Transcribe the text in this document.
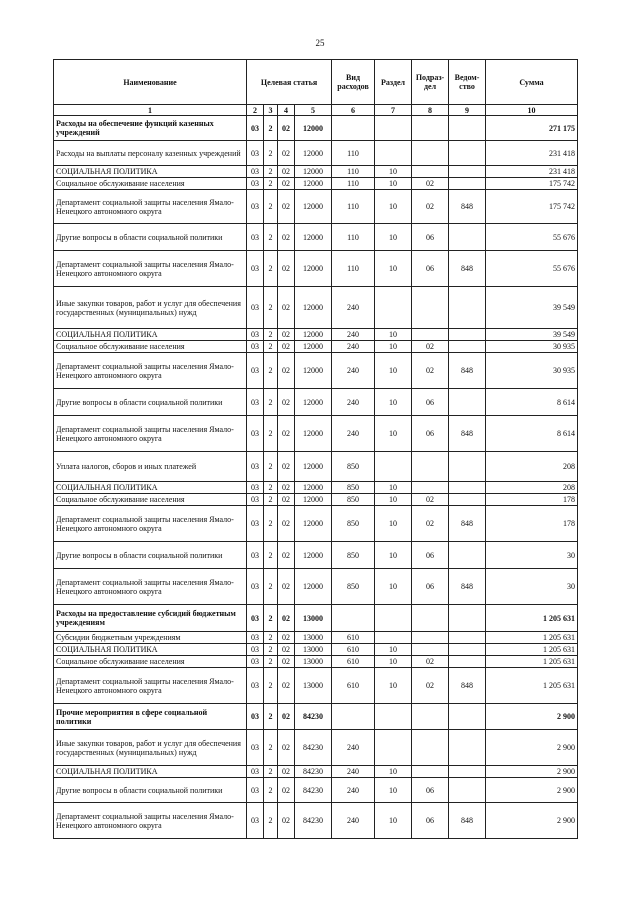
25
Наименование	Целевая статья				Вид расходов	Раздел	Подраз-дел	Ведом-ство	Сумма
1	2	3	4	5	6	7	8	9	10
Расходы на обеспечение функций казенных учреждений	03	2	02	12000					271 175
Расходы на выплаты персоналу казенных учреждений	03	2	02	12000	110				231 418
СОЦИАЛЬНАЯ ПОЛИТИКА	03	2	02	12000	110	10			231 418
Социальное обслуживание населения	03	2	02	12000	110	10	02		175 742
Департамент социальной защиты населения Ямало-Ненецкого автономного округа	03	2	02	12000	110	10	02	848	175 742
Другие вопросы в области социальной политики	03	2	02	12000	110	10	06		55 676
Департамент социальной защиты населения Ямало-Ненецкого автономного округа	03	2	02	12000	110	10	06	848	55 676
Иные закупки товаров, работ и услуг для обеспечения государственных (муниципальных) нужд	03	2	02	12000	240				39 549
СОЦИАЛЬНАЯ ПОЛИТИКА	03	2	02	12000	240	10			39 549
Социальное обслуживание населения	03	2	02	12000	240	10	02		30 935
Департамент социальной защиты населения Ямало-Ненецкого автономного округа	03	2	02	12000	240	10	02	848	30 935
Другие вопросы в области социальной политики	03	2	02	12000	240	10	06		8 614
Департамент социальной защиты населения Ямало-Ненецкого автономного округа	03	2	02	12000	240	10	06	848	8 614
Уплата налогов, сборов и иных платежей	03	2	02	12000	850				208
СОЦИАЛЬНАЯ ПОЛИТИКА	03	2	02	12000	850	10			208
Социальное обслуживание населения	03	2	02	12000	850	10	02		178
Департамент социальной защиты населения Ямало-Ненецкого автономного округа	03	2	02	12000	850	10	02	848	178
Другие вопросы в области социальной политики	03	2	02	12000	850	10	06		30
Департамент социальной защиты населения Ямало-Ненецкого автономного округа	03	2	02	12000	850	10	06	848	30
Расходы на предоставление субсидий бюджетным учреждениям	03	2	02	13000					1 205 631
Субсидии бюджетным учреждениям	03	2	02	13000	610				1 205 631
СОЦИАЛЬНАЯ ПОЛИТИКА	03	2	02	13000	610	10			1 205 631
Социальное обслуживание населения	03	2	02	13000	610	10	02		1 205 631
Департамент социальной защиты населения Ямало-Ненецкого автономного округа	03	2	02	13000	610	10	02	848	1 205 631
Прочие мероприятия в сфере социальной политики	03	2	02	84230					2 900
Иные закупки товаров, работ и услуг для обеспечения государственных (муниципальных) нужд	03	2	02	84230	240				2 900
СОЦИАЛЬНАЯ ПОЛИТИКА	03	2	02	84230	240	10			2 900
Другие вопросы в области социальной политики	03	2	02	84230	240	10	06		2 900
Департамент социальной защиты населения Ямало-Ненецкого автономного округа	03	2	02	84230	240	10	06	848	2 900
